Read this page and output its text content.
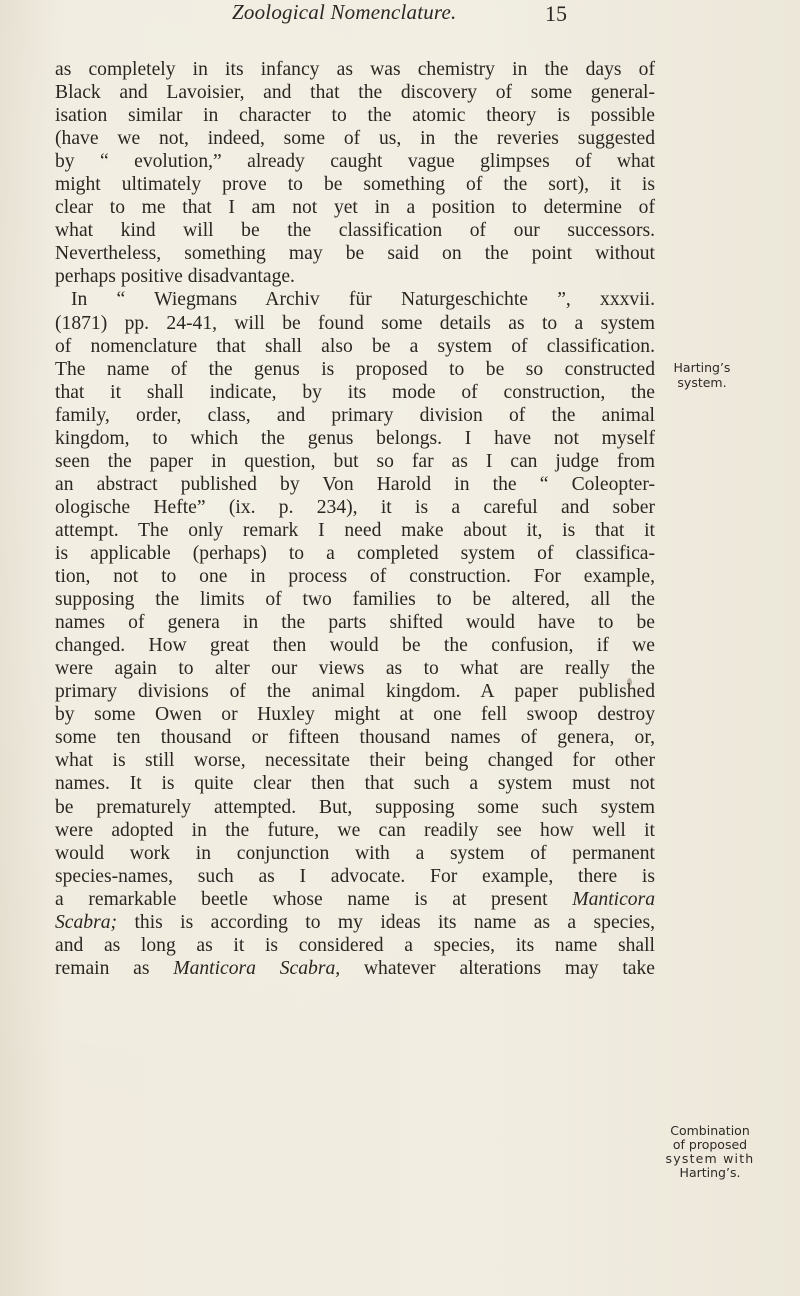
Zoological Nomenclature.	15
as completely in its infancy as was chemistry in the days of
Black and Lavoisier, and that the discovery of some general-
isation similar in character to the atomic theory is possible
(have we not, indeed, some of us, in the reveries suggested
by “ evolution,” already caught vague glimpses of what
might ultimately prove to be something of the sort), it is
clear to me that I am not yet in a position to determine of
what kind will be the classification of our successors.
Nevertheless, something may be said on the point without
perhaps positive disadvantage.
In “ Wiegmans Archiv für Naturgeschichte ”, xxxvii.
(1871) pp. 24-41, will be found some details as to a system
of nomenclature that shall also be a system of classification.
The name of the genus is proposed to be so constructed
that it shall indicate, by its mode of construction, the
family, order, class, and primary division of the animal
kingdom, to which the genus belongs. I have not myself
seen the paper in question, but so far as I can judge from
an abstract published by Von Harold in the “ Coleopter-
ologische Hefte” (ix. p. 234), it is a careful and sober
attempt. The only remark I need make about it, is that it
is applicable (perhaps) to a completed system of classifica-
tion, not to one in process of construction. For example,
supposing the limits of two families to be altered, all the
names of genera in the parts shifted would have to be
changed. How great then would be the confusion, if we
were again to alter our views as to what are really the
primary divisions of the animal kingdom. A paper published
by some Owen or Huxley might at one fell swoop destroy
some ten thousand or fifteen thousand names of genera, or,
what is still worse, necessitate their being changed for other
names. It is quite clear then that such a system must not
be prematurely attempted. But, supposing some such system
were adopted in the future, we can readily see how well it
would work in conjunction with a system of permanent
species-names, such as I advocate. For example, there is
a remarkable beetle whose name is at present Manticora
Scabra; this is according to my ideas its name as a species,
and as long as it is considered a species, its name shall
remain as Manticora Scabra, whatever alterations may take
Harting’s
system.
Combination
of proposed
system with
Harting’s.
